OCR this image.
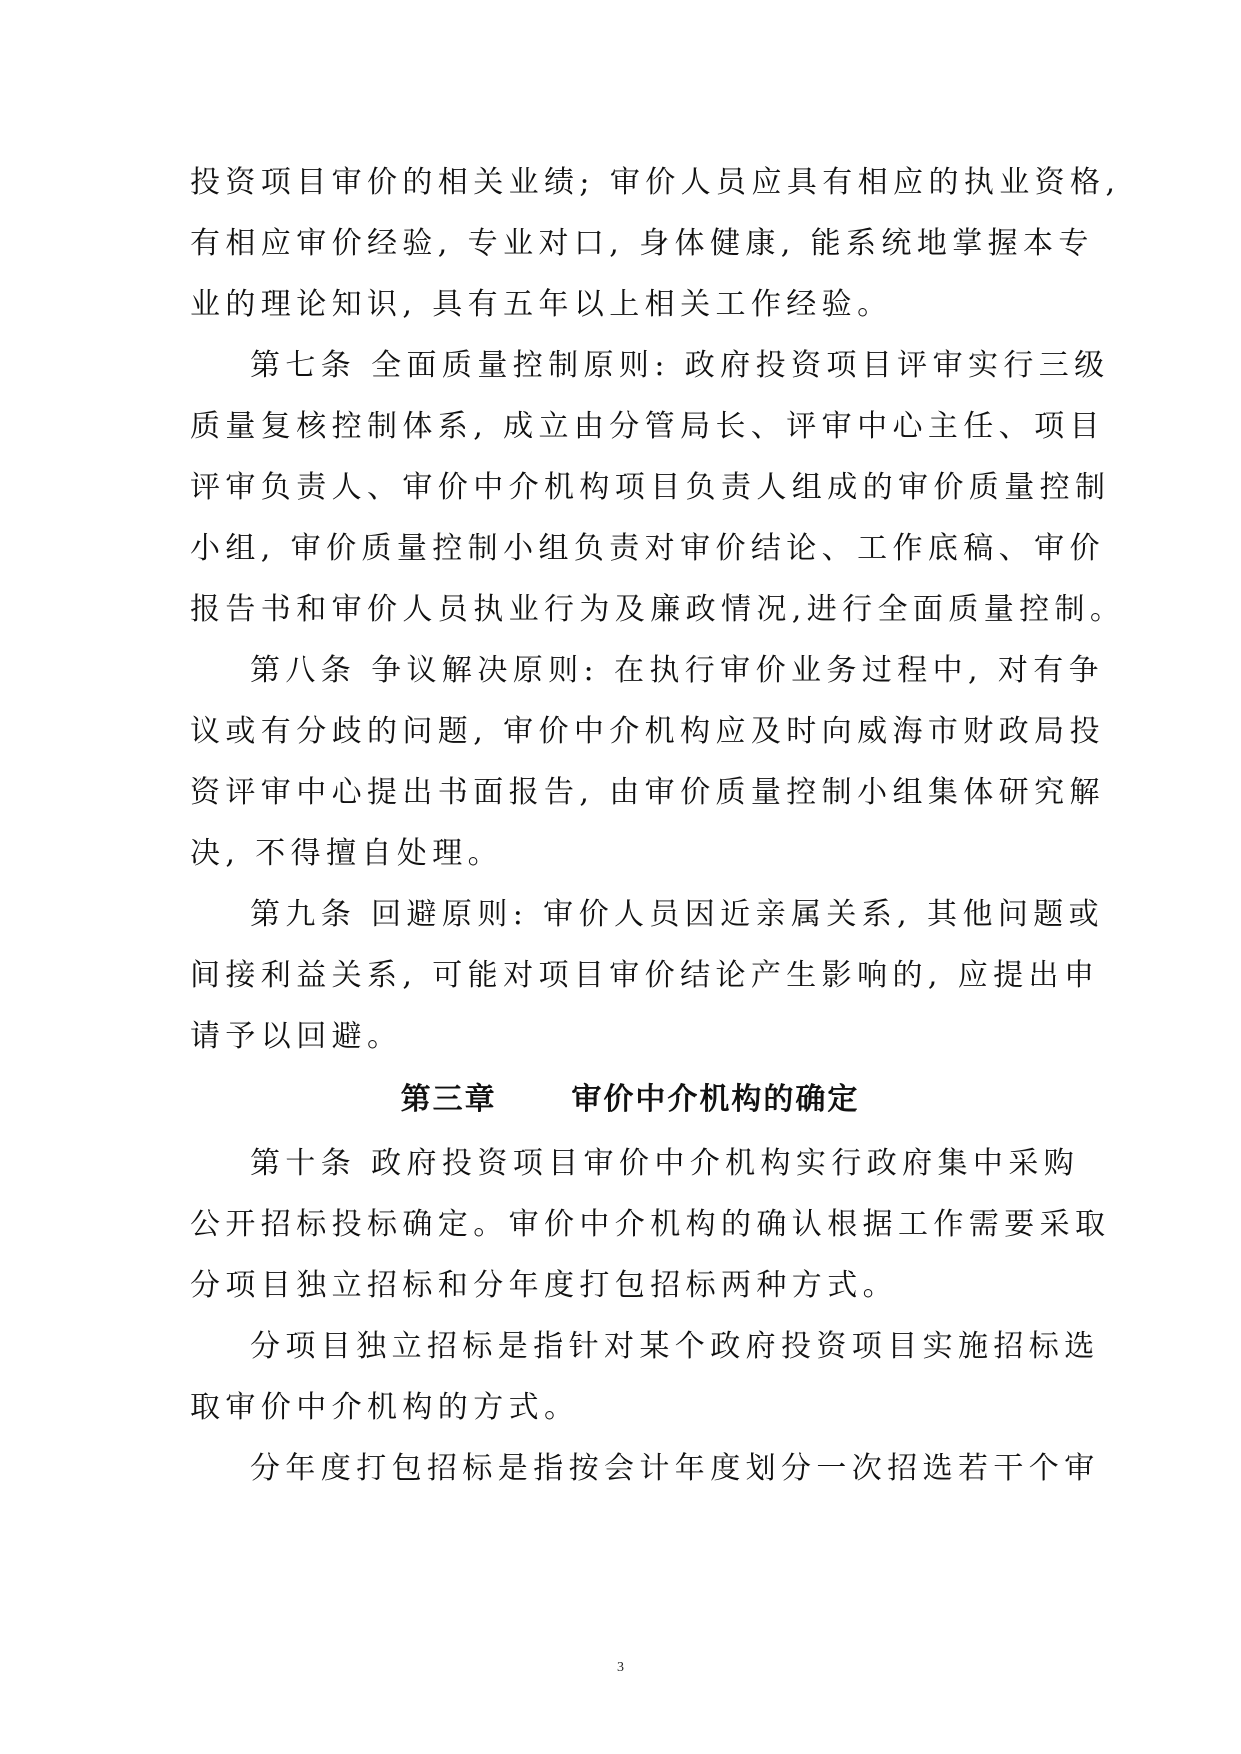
投资项目审价的相关业绩; 审价人员应具有相应的执业资格,
有相应审价经验, 专业对口, 身体健康, 能系统地掌握本专
业的理论知识, 具有五年以上相关工作经验。
第七条 全面质量控制原则: 政府投资项目评审实行三级
质量复核控制体系, 成立由分管局长、评审中心主任、项目
评审负责人、审价中介机构项目负责人组成的审价质量控制
小组, 审价质量控制小组负责对审价结论、工作底稿、审价
报告书和审价人员执业行为及廉政情况,进行全面质量控制。
第八条 争议解决原则: 在执行审价业务过程中, 对有争
议或有分歧的问题, 审价中介机构应及时向威海市财政局投
资评审中心提出书面报告, 由审价质量控制小组集体研究解
决, 不得擅自处理。
第九条 回避原则: 审价人员因近亲属关系, 其他问题或
间接利益关系, 可能对项目审价结论产生影响的, 应提出申
请予以回避。
第三章      审价中介机构的确定
第十条 政府投资项目审价中介机构实行政府集中采购
公开招标投标确定。审价中介机构的确认根据工作需要采取
分项目独立招标和分年度打包招标两种方式。
分项目独立招标是指针对某个政府投资项目实施招标选
取审价中介机构的方式。
分年度打包招标是指按会计年度划分一次招选若干个审
3
